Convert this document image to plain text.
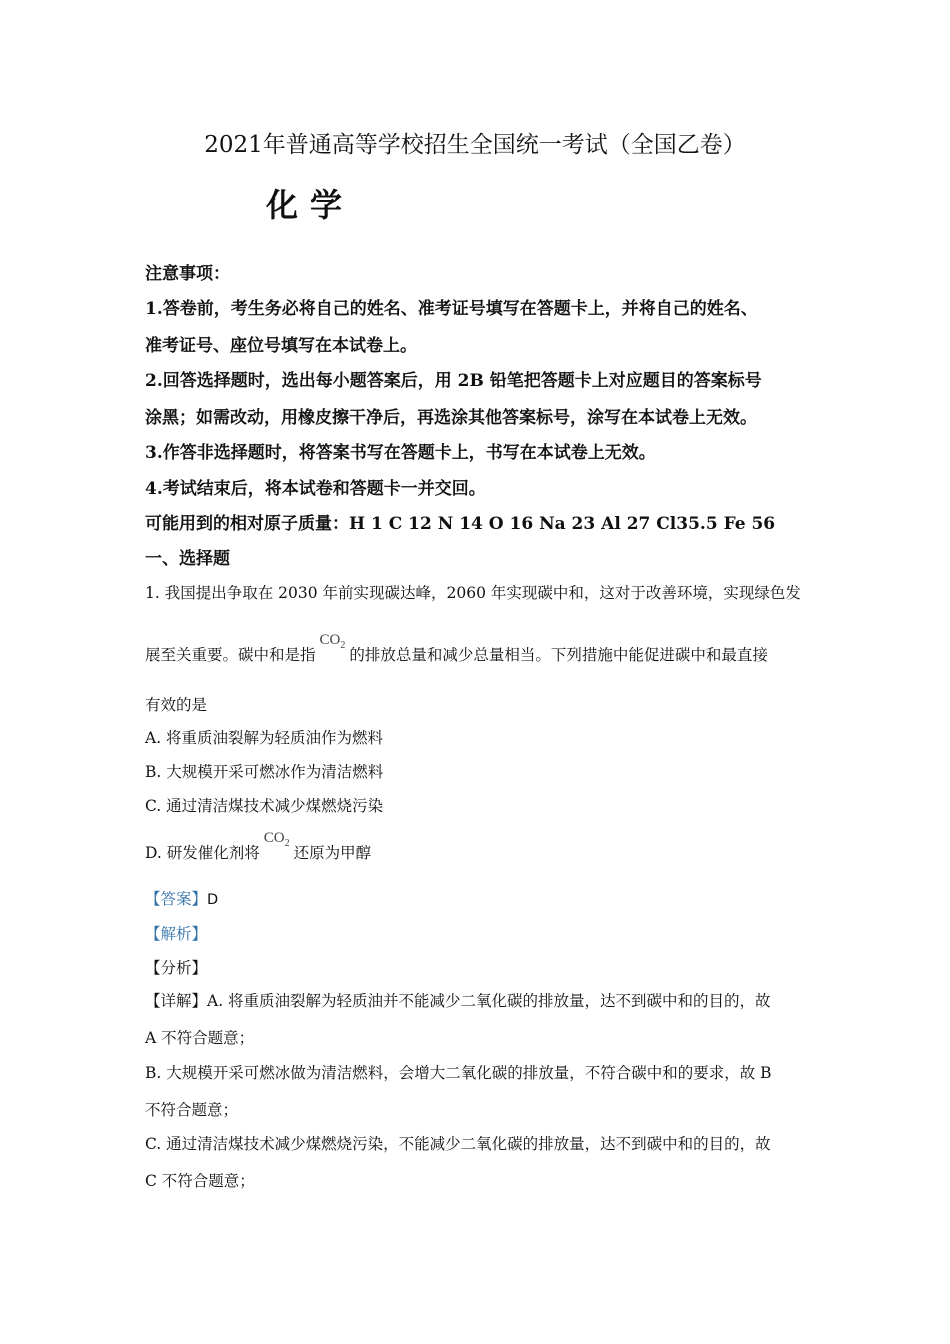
2021年普通高等学校招生全国统一考试（全国乙卷）
化学
注意事项：
1.答卷前，考生务必将自己的姓名、准考证号填写在答题卡上，并将自己的姓名、
准考证号、座位号填写在本试卷上。
2.回答选择题时，选出每小题答案后，用 2B 铅笔把答题卡上对应题目的答案标号
涂黑；如需改动，用橡皮擦干净后，再选涂其他答案标号，涂写在本试卷上无效。
3.作答非选择题时，将答案书写在答题卡上，书写在本试卷上无效。
4.考试结束后，将本试卷和答题卡一并交回。
可能用到的相对原子质量：H 1 C 12 N 14 O 16 Na 23 Al 27 Cl35.5 Fe 56
一、选择题
1. 我国提出争取在 2030 年前实现碳达峰，2060 年实现碳中和，这对于改善环境，实现绿色发
展至关重要。碳中和是指$CO_2$的排放总量和减少总量相当。下列措施中能促进碳中和最直接
有效的是
A. 将重质油裂解为轻质油作为燃料
B. 大规模开采可燃冰作为清洁燃料
C. 通过清洁煤技术减少煤燃烧污染
D. 研发催化剂将$CO_2$还原为甲醇
【答案】D
【解析】
【分析】
【详解】A. 将重质油裂解为轻质油并不能减少二氧化碳的排放量，达不到碳中和的目的，故
A 不符合题意；
B. 大规模开采可燃冰做为清洁燃料，会增大二氧化碳的排放量，不符合碳中和的要求，故 B
不符合题意；
C. 通过清洁煤技术减少煤燃烧污染，不能减少二氧化碳的排放量，达不到碳中和的目的，故
C 不符合题意；
